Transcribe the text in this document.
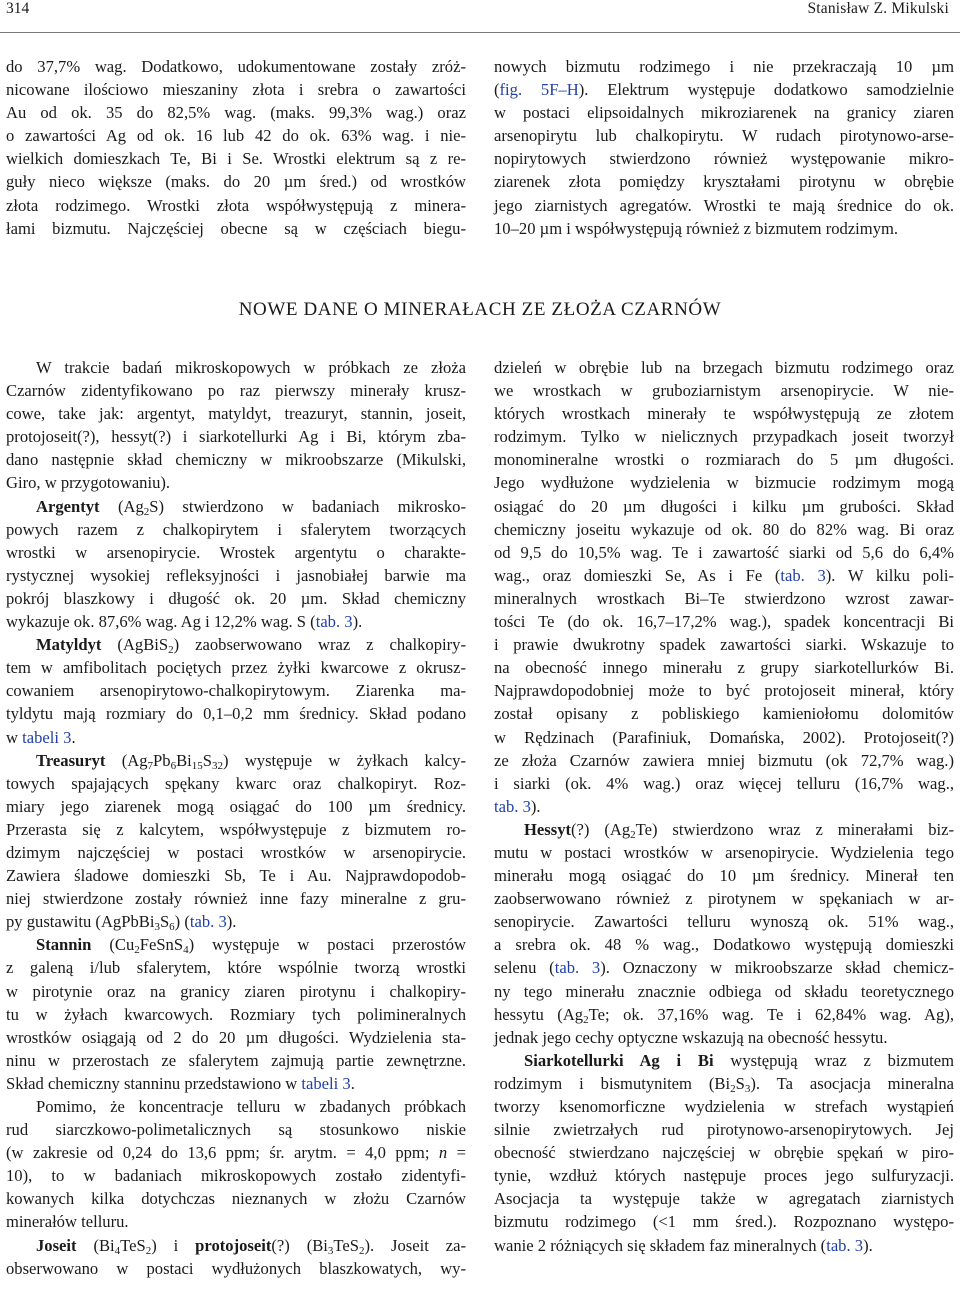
314	Stanisław Z. Mikulski
do 37,7% wag. Dodatkowo, udokumentowane zostały zróż-
nicowane ilościowo mieszaniny złota i srebra o zawartości
Au od ok. 35 do 82,5% wag. (maks. 99,3% wag.) oraz
o zawartości Ag od ok. 16 lub 42 do ok. 63% wag. i nie-
wielkich domieszkach Te, Bi i Se. Wrostki elektrum są z re-
guły nieco większe (maks. do 20 µm śred.) od wrostków
złota rodzimego. Wrostki złota współwystępują z minera-
łami bizmutu. Najczęściej obecne są w częściach biegu-
nowych bizmutu rodzimego i nie przekraczają 10 µm
(fig. 5F–H). Elektrum występuje dodatkowo samodzielnie
w postaci elipsoidalnych mikroziarenek na granicy ziaren
arsenopirytu lub chalkopirytu. W rudach pirotynowo-arse-
nopirytowych stwierdzono również występowanie mikro-
ziarenek złota pomiędzy kryształami pirotynu w obrębie
jego ziarnistych agregatów. Wrostki te mają średnice do ok.
10–20 µm i współwystępują również z bizmutem rodzimym.
NOWE DANE O MINERAŁACH ZE ZŁOŻA CZARNÓW
W trakcie badań mikroskopowych w próbkach ze złoża
Czarnów zidentyfikowano po raz pierwszy minerały krusz-
cowe, take jak: argentyt, matyldyt, treazuryt, stannin, joseit,
protojoseit(?), hessyt(?) i siarkotellurki Ag i Bi, którym zba-
dano następnie skład chemiczny w mikroobszarze (Mikulski,
Giro, w przygotowaniu).
Argentyt $(Ag_2S)$ stwierdzono w badaniach mikrosko-
powych razem z chalkopirytem i sfalerytem tworzących
wrostki w arsenopirycie. Wrostek argentytu o charakte-
rystycznej wysokiej refleksyjności i jasnobiałej barwie ma
pokrój blaszkowy i długość ok. 20 µm. Skład chemiczny
wykazuje ok. 87,6% wag. Ag i 12,2% wag. S (tab. 3).
Matyldyt (AgBiS$_2$) zaobserwowano wraz z chalkopiry-
tem w amfibolitach pociętych przez żyłki kwarcowe z okrusz-
cowaniem arsenopirytowo-chalkopirytowym. Ziarenka ma-
tyldytu mają rozmiary do 0,1–0,2 mm średnicy. Skład podano
w tabeli 3.
Treasuryt $(Ag_7Pb_6Bi_{15}S_{32})$ występuje w żyłkach kalcy-
towych spajających spękany kwarc oraz chalkopiryt. Roz-
miary jego ziarenek mogą osiągać do 100 µm średnicy.
Przerasta się z kalcytem, współwystępuje z bizmutem ro-
dzimym najczęściej w postaci wrostków w arsenopirycie.
Zawiera śladowe domieszki Sb, Te i Au. Najprawdopodob-
niej stwierdzone zostały również inne fazy mineralne z gru-
py gustawitu $(AgPbBi_3S_6)$ (tab. 3).
Stannin $(Cu_2FeSnS_4)$ występuje w postaci przerostów
z galeną i/lub sfalerytem, które wspólnie tworzą wrostki
w pirotynie oraz na granicy ziaren pirotynu i chalkopiry-
tu w żyłach kwarcowych. Rozmiary tych polimineralnych
wrostków osiągają od 2 do 20 µm długości. Wydzielenia sta-
ninu w przerostach ze sfalerytem zajmują partie zewnętrzne.
Skład chemiczny stanninu przedstawiono w tabeli 3.
Pomimo, że koncentracje telluru w zbadanych próbkach
rud siarczkowo-polimetalicznych są stosunkowo niskie
(w zakresie od 0,24 do 13,6 ppm; śr. arytm. = 4,0 ppm; n =
10), to w badaniach mikroskopowych zostało zidentyfi-
kowanych kilka dotychczas nieznanych w złożu Czarnów
minerałów telluru.
Joseit $(Bi_4TeS_2)$ i protojoseit(?) $(Bi_3TeS_2)$. Joseit za-
obserwowano w postaci wydłużonych blaszkowatych, wy-
dzieleń w obrębie lub na brzegach bizmutu rodzimego oraz
we wrostkach w gruboziarnistym arsenopirycie. W nie-
których wrostkach minerały te współwystępują ze złotem
rodzimym. Tylko w nielicznych przypadkach joseit tworzył
monomineralne wrostki o rozmiarach do 5 µm długości.
Jego wydłużone wydzielenia w bizmucie rodzimym mogą
osiągać do 20 µm długości i kilku µm grubości. Skład
chemiczny joseitu wykazuje od ok. 80 do 82% wag. Bi oraz
od 9,5 do 10,5% wag. Te i zawartość siarki od 5,6 do 6,4%
wag., oraz domieszki Se, As i Fe (tab. 3). W kilku poli-
mineralnych wrostkach Bi–Te stwierdzono wzrost zawar-
tości Te (do ok. 16,7–17,2% wag.), spadek koncentracji Bi
i prawie dwukrotny spadek zawartości siarki. Wskazuje to
na obecność innego minerału z grupy siarkotellurków Bi.
Najprawdopodobniej może to być protojoseit minerał, który
został opisany z pobliskiego kamieniołomu dolomitów
w Rędzinach (Parafiniuk, Domańska, 2002). Protojoseit(?)
ze złoża Czarnów zawiera mniej bizmutu (ok 72,7% wag.)
i siarki (ok. 4% wag.) oraz więcej telluru (16,7% wag.,
tab. 3).
Hessyt(?) $(Ag_2Te)$ stwierdzono wraz z minerałami biz-
mutu w postaci wrostków w arsenopirycie. Wydzielenia tego
minerału mogą osiągać do 10 µm średnicy. Minerał ten
zaobserwowano również z pirotynem w spękaniach w ar-
senopirycie. Zawartości telluru wynoszą ok. 51% wag.,
a srebra ok. 48 % wag., Dodatkowo występują domieszki
selenu (tab. 3). Oznaczony w mikroobszarze skład chemicz-
ny tego minerału znacznie odbiega od składu teoretycznego
hessytu ($Ag_2Te$; ok. 37,16% wag. Te i 62,84% wag. Ag),
jednak jego cechy optyczne wskazują na obecność hessytu.
Siarkotellurki Ag i Bi występują wraz z bizmutem
rodzimym i bismutynitem $(Bi_2S_3)$. Ta asocjacja mineralna
tworzy ksenomorficzne wydzielenia w strefach wystąpień
silnie zwietrzałych rud pirotynowo-arsenopirytowych. Jej
obecność stwierdzano najczęściej w obrębie spękań w piro-
tynie, wzdłuż których następuje proces jego sulfuryzacji.
Asocjacja ta występuje także w agregatach ziarnistych
bizmutu rodzimego (<1 mm śred.). Rozpoznano występo-
wanie 2 różniących się składem faz mineralnych (tab. 3).
